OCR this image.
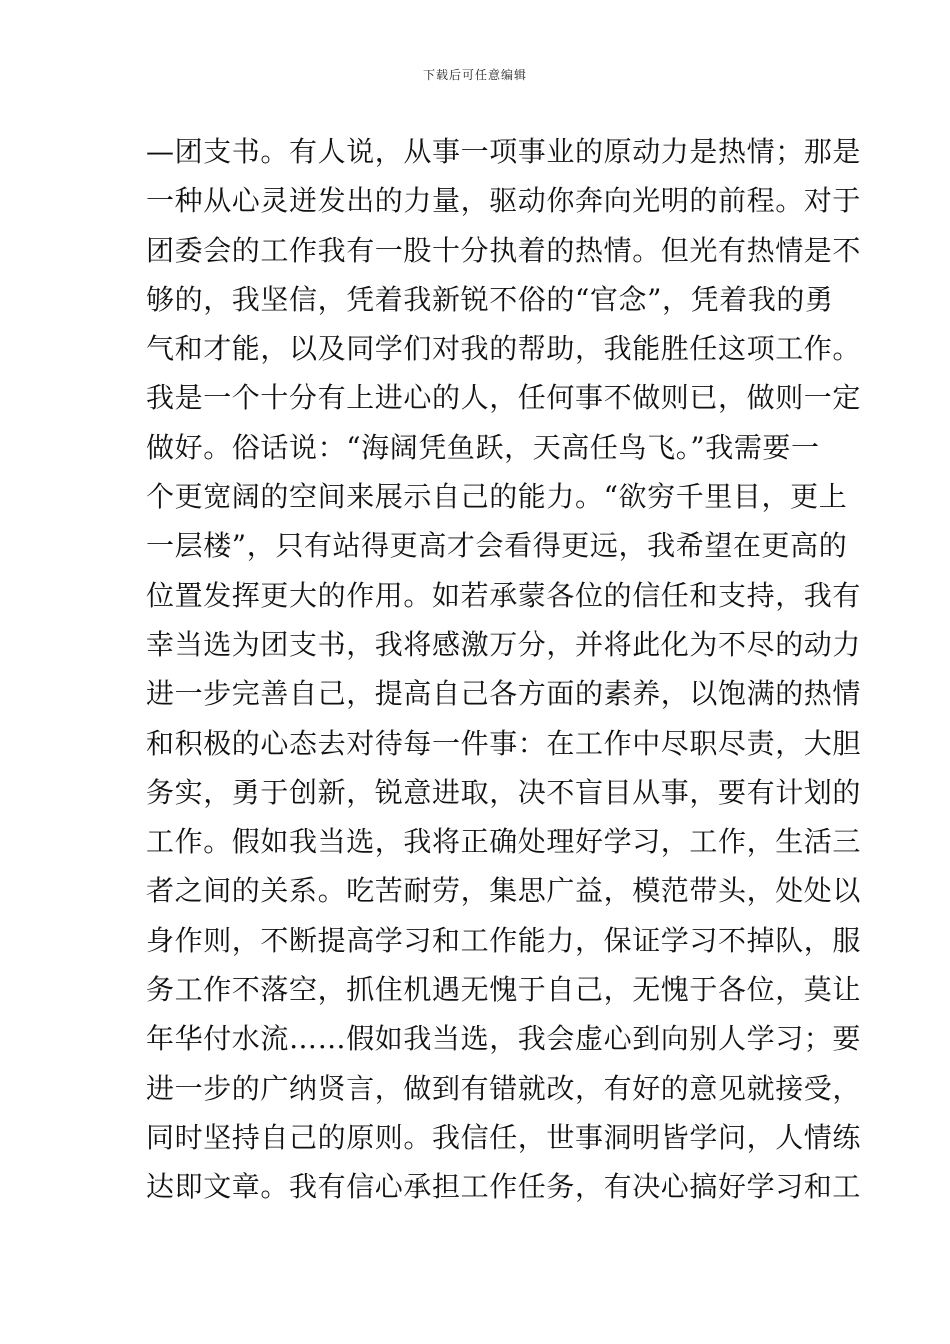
下载后可任意编辑
—团支书。有人说，从事一项事业的原动力是热情；那是
一种从心灵迸发出的力量，驱动你奔向光明的前程。对于
团委会的工作我有一股十分执着的热情。但光有热情是不
够的，我坚信，凭着我新锐不俗的“官念”，凭着我的勇
气和才能，以及同学们对我的帮助，我能胜任这项工作。
我是一个十分有上进心的人，任何事不做则已，做则一定
做好。俗话说：“海阔凭鱼跃，天高任鸟飞。”我需要一
个更宽阔的空间来展示自己的能力。“欲穷千里目，更上
一层楼”，只有站得更高才会看得更远，我希望在更高的
位置发挥更大的作用。如若承蒙各位的信任和支持，我有
幸当选为团支书，我将感激万分，并将此化为不尽的动力
进一步完善自己，提高自己各方面的素养，以饱满的热情
和积极的心态去对待每一件事：在工作中尽职尽责，大胆
务实，勇于创新，锐意进取，决不盲目从事，要有计划的
工作。假如我当选，我将正确处理好学习，工作，生活三
者之间的关系。吃苦耐劳，集思广益，模范带头，处处以
身作则，不断提高学习和工作能力，保证学习不掉队，服
务工作不落空，抓住机遇无愧于自己，无愧于各位，莫让
年华付水流……假如我当选，我会虚心到向别人学习；要
进一步的广纳贤言，做到有错就改，有好的意见就接受，
同时坚持自己的原则。我信任，世事洞明皆学问，人情练
达即文章。我有信心承担工作任务，有决心搞好学习和工
